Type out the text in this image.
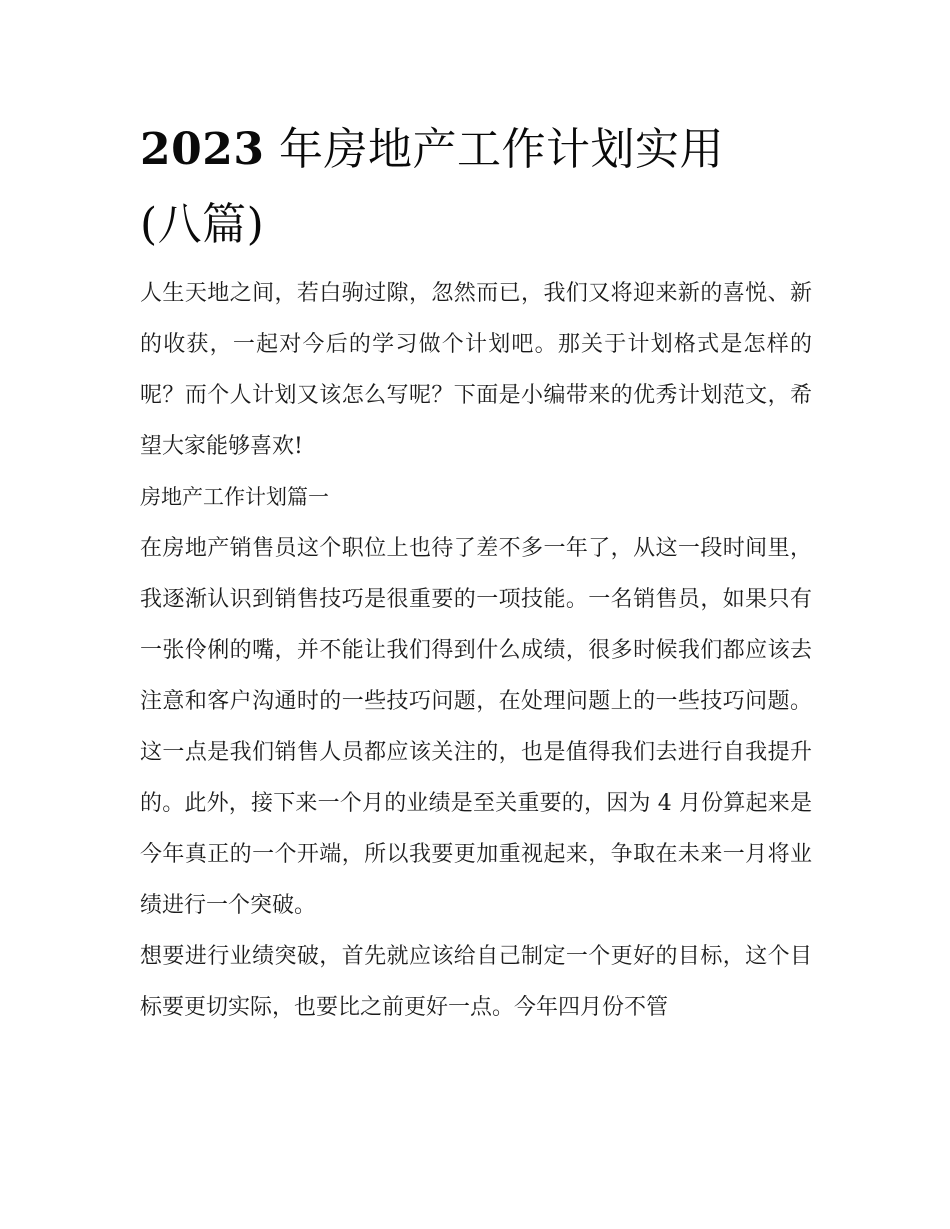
2023 年房地产工作计划实用
(八篇)

人生天地之间，若白驹过隙，忽然而已，我们又将迎来新的喜悦、新的收获，一起对今后的学习做个计划吧。那关于计划格式是怎样的呢？而个人计划又该怎么写呢？下面是小编带来的优秀计划范文，希望大家能够喜欢!

房地产工作计划篇一

在房地产销售员这个职位上也待了差不多一年了，从这一段时间里，我逐渐认识到销售技巧是很重要的一项技能。一名销售员，如果只有一张伶俐的嘴，并不能让我们得到什么成绩，很多时候我们都应该去注意和客户沟通时的一些技巧问题，在处理问题上的一些技巧问题。这一点是我们销售人员都应该关注的，也是值得我们去进行自我提升的。此外，接下来一个月的业绩是至关重要的，因为 4 月份算起来是今年真正的一个开端，所以我要更加重视起来，争取在未来一月将业绩进行一个突破。

想要进行业绩突破，首先就应该给自己制定一个更好的目标，这个目标要更切实际，也要比之前更好一点。今年四月份不管
